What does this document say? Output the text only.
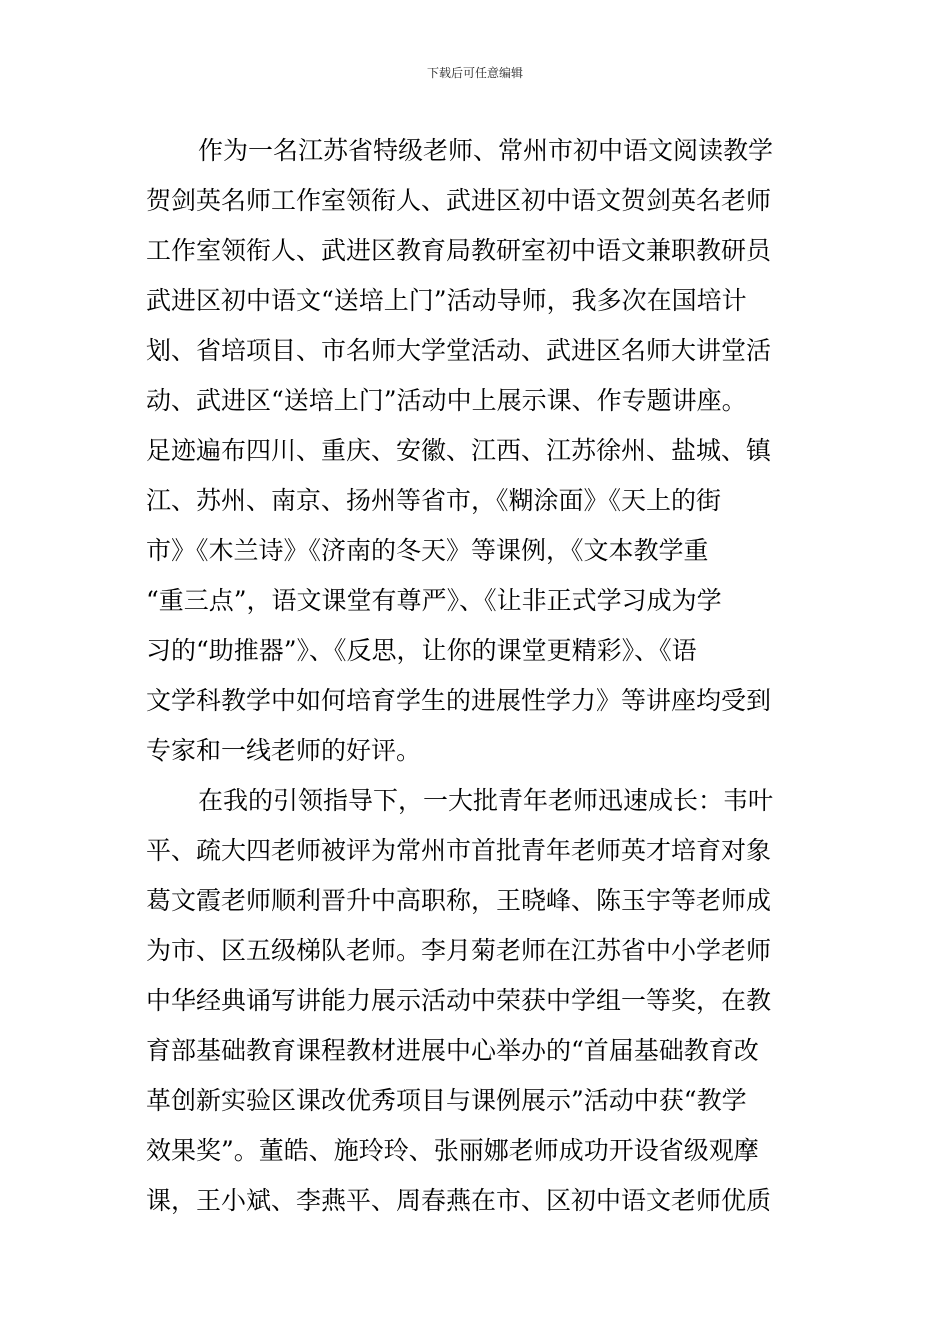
下载后可任意编辑
作为一名江苏省特级老师、常州市初中语文阅读教学
贺剑英名师工作室领衔人、武进区初中语文贺剑英名老师
工作室领衔人、武进区教育局教研室初中语文兼职教研员
武进区初中语文“送培上门”活动导师，我多次在国培计
划、省培项目、市名师大学堂活动、武进区名师大讲堂活
动、武进区“送培上门”活动中上展示课、作专题讲座。
足迹遍布四川、重庆、安徽、江西、江苏徐州、盐城、镇
江、苏州、南京、扬州等省市，《糊涂面》《天上的街
市》《木兰诗》《济南的冬天》等课例，《文本教学重
“重三点”，语文课堂有尊严》、《让非正式学习成为学
习的“助推器”》、《反思，让你的课堂更精彩》、《语
文学科教学中如何培育学生的进展性学力》等讲座均受到
专家和一线老师的好评。
在我的引领指导下，一大批青年老师迅速成长：韦叶
平、疏大四老师被评为常州市首批青年老师英才培育对象
葛文霞老师顺利晋升中高职称，王晓峰、陈玉宇等老师成
为市、区五级梯队老师。李月菊老师在江苏省中小学老师
中华经典诵写讲能力展示活动中荣获中学组一等奖，在教
育部基础教育课程教材进展中心举办的“首届基础教育改
革创新实验区课改优秀项目与课例展示”活动中获“教学
效果奖”。董皓、施玲玲、张丽娜老师成功开设省级观摩
课，王小斌、李燕平、周春燕在市、区初中语文老师优质
